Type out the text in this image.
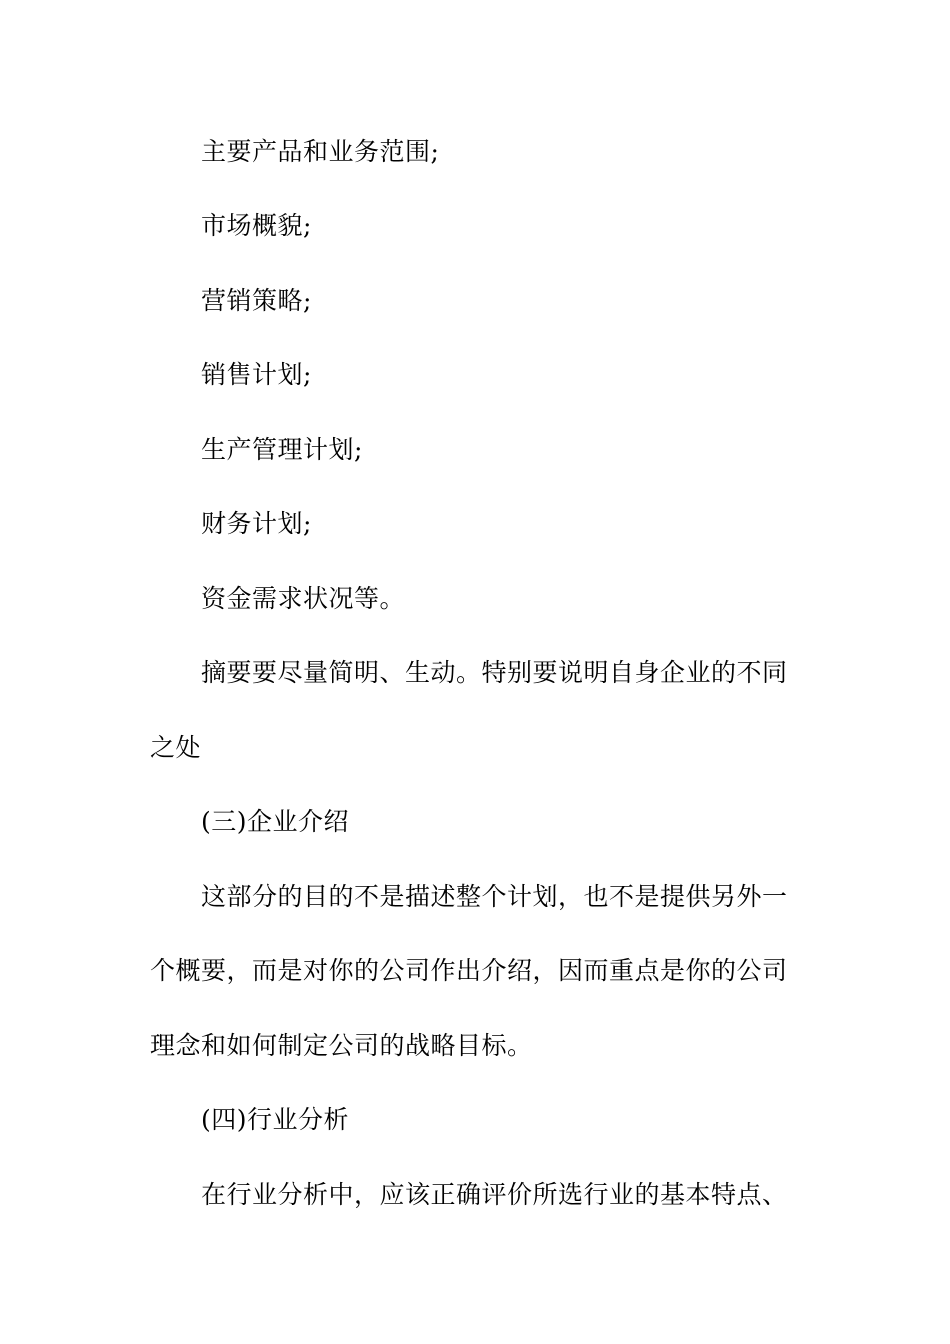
主要产品和业务范围;
市场概貌;
营销策略;
销售计划;
生产管理计划;
财务计划;
资金需求状况等。
摘要要尽量简明、生动。特别要说明自身企业的不同
之处
(三)企业介绍
这部分的目的不是描述整个计划，也不是提供另外一
个概要，而是对你的公司作出介绍，因而重点是你的公司
理念和如何制定公司的战略目标。
(四)行业分析
在行业分析中，应该正确评价所选行业的基本特点、
